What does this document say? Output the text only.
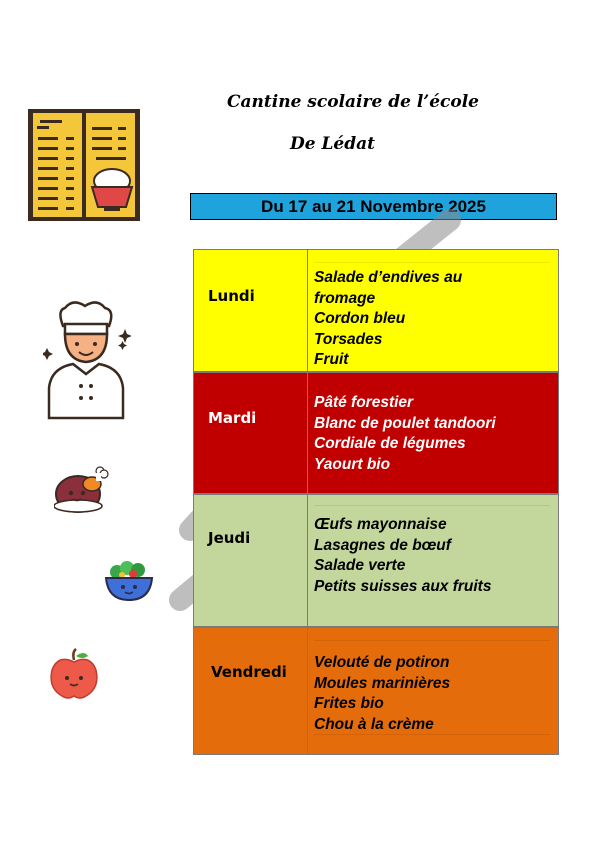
Cantine scolaire de l’école
De Lédat
Du 17 au 21 Novembre 2025
Lundi
Salade d’endives au
fromage
Cordon bleu
Torsades
Fruit
Mardi
Pâté forestier
Blanc de poulet tandoori
Cordiale de légumes
Yaourt bio
Jeudi
Œufs mayonnaise
Lasagnes de bœuf
Salade verte
Petits suisses aux fruits
Vendredi
Velouté de potiron
Moules marinières
Frites bio
Chou à la crème
